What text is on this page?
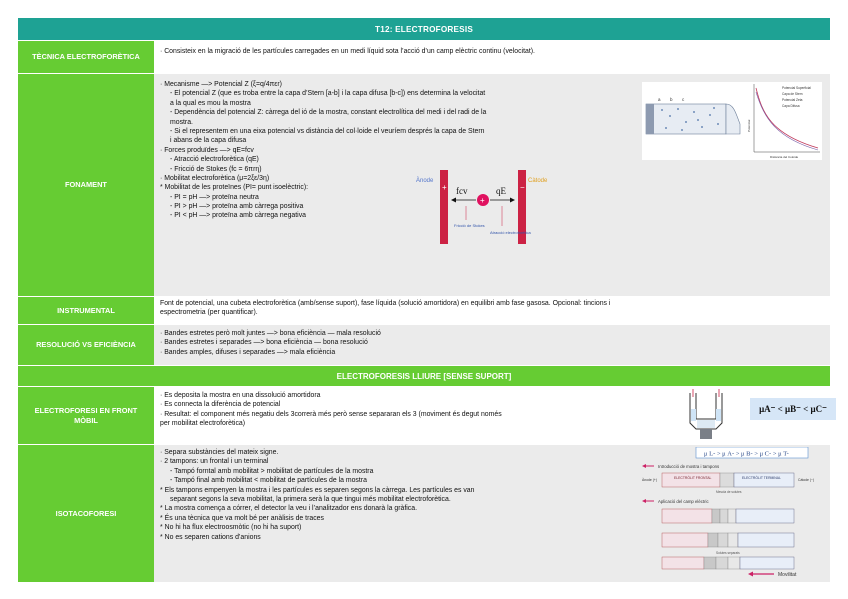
T12: ELECTROFORESIS
TÈCNICA ELECTROFORÈTICA
· Consisteix en la migració de les partícules carregades en un medi líquid sota l’acció d’un camp elèctric continu (velocitat).
FONAMENT
· Mecanisme —> Potencial Z (ξ=q/4πεr)
- El potencial Z (que es troba entre la capa d’Stern [a-b] i la capa difusa [b-c]) ens determina la velocitat
a la qual es mou la mostra
- Dependència del potencial Z: càrrega del ió de la mostra, constant electrolítica del medi i del radi de la
mostra.
- Si el representem en una eixa potencial vs distància del col·loide el veuríem després la capa de Stern
i abans de la capa difusa
· Forces produïdes —> qE=fcv
- Atracció electroforètica (qE)
- Fricció de Stokes (fc = 6πrη)
· Mobilitat electroforètica (μ=2ξε/3η)
* Mobilitat de les proteïnes (PI= punt isoelèctric):
- PI = pH —> proteïna neutra
- PI > pH —> proteïna amb càrrega positiva
- PI < pH —> proteïna amb càrrega negativa
a b c
Potencial Superficial
Capa de Stern
Potencial Zeta
Capa Difusa
Potencial
Distància del Coloide
Ànode	Càtode
+	−
+
fcv	qE
Fricció de Stokes
Atracció electroforètica
INSTRUMENTAL
Font de potencial, una cubeta electroforètica (amb/sense suport), fase líquida (solució amortidora) en equilibri amb fase gasosa. Opcional: tincions i
espectrometria (per quantificar).
RESOLUCIÓ VS EFICIÈNCIA
· Bandes estretes però molt juntes —> bona eficiència — mala resolució
· Bandes estretes i separades —> bona eficiència — bona resolució
· Bandes amples, difuses i separades —> mala eficiència
ELECTROFORESIS LLIURE [SENSE SUPORT]
ELECTROFORESI EN FRONT MÒBIL
· Es deposita la mostra en una dissolució amortidora
· Es connecta la diferència de potencial
· Resultat: el component més negatiu dels 3correrà més però sense separaran els 3 (moviment és degut només
per mobilitat electroforètica)
μA⁻ < μB⁻ < μC⁻
ISOTACOFORESI
· Separa substàncies del mateix signe.
· 2 tampons: un frontal i un terminal
- Tampó forntal amb mobilitat > mobilitat de partícules de la mostra
- Tampó final amb mobilitat < mobilitat de partícules de la mostra
* Els tampons empenyen la mostra i les partícules es separen segons la càrrega. Les partícules es van
separant segons la seva mobilitat, la primera serà la que tingui més mobilitat electroforètica.
* La mostra comença a córrer, el detector la veu i l’analitzador ens donarà la gràfica.
* És una tècnica que va molt bé per anàlisis de traces
* No hi ha flux electroosmòtic (no hi ha suport)
* No es separen cations d’anions
μ L- > μ A- > μ B- > μ C- > μ T-
Introducció de mostra i tampons
Ànode (+)	ELECTRÒLIT FRONTAL	ELECTRÒLIT TERMINAL	Càtode (−)
Mescla de solutes
Aplicació del camp elèctric
Solutes separats
Movilitat
